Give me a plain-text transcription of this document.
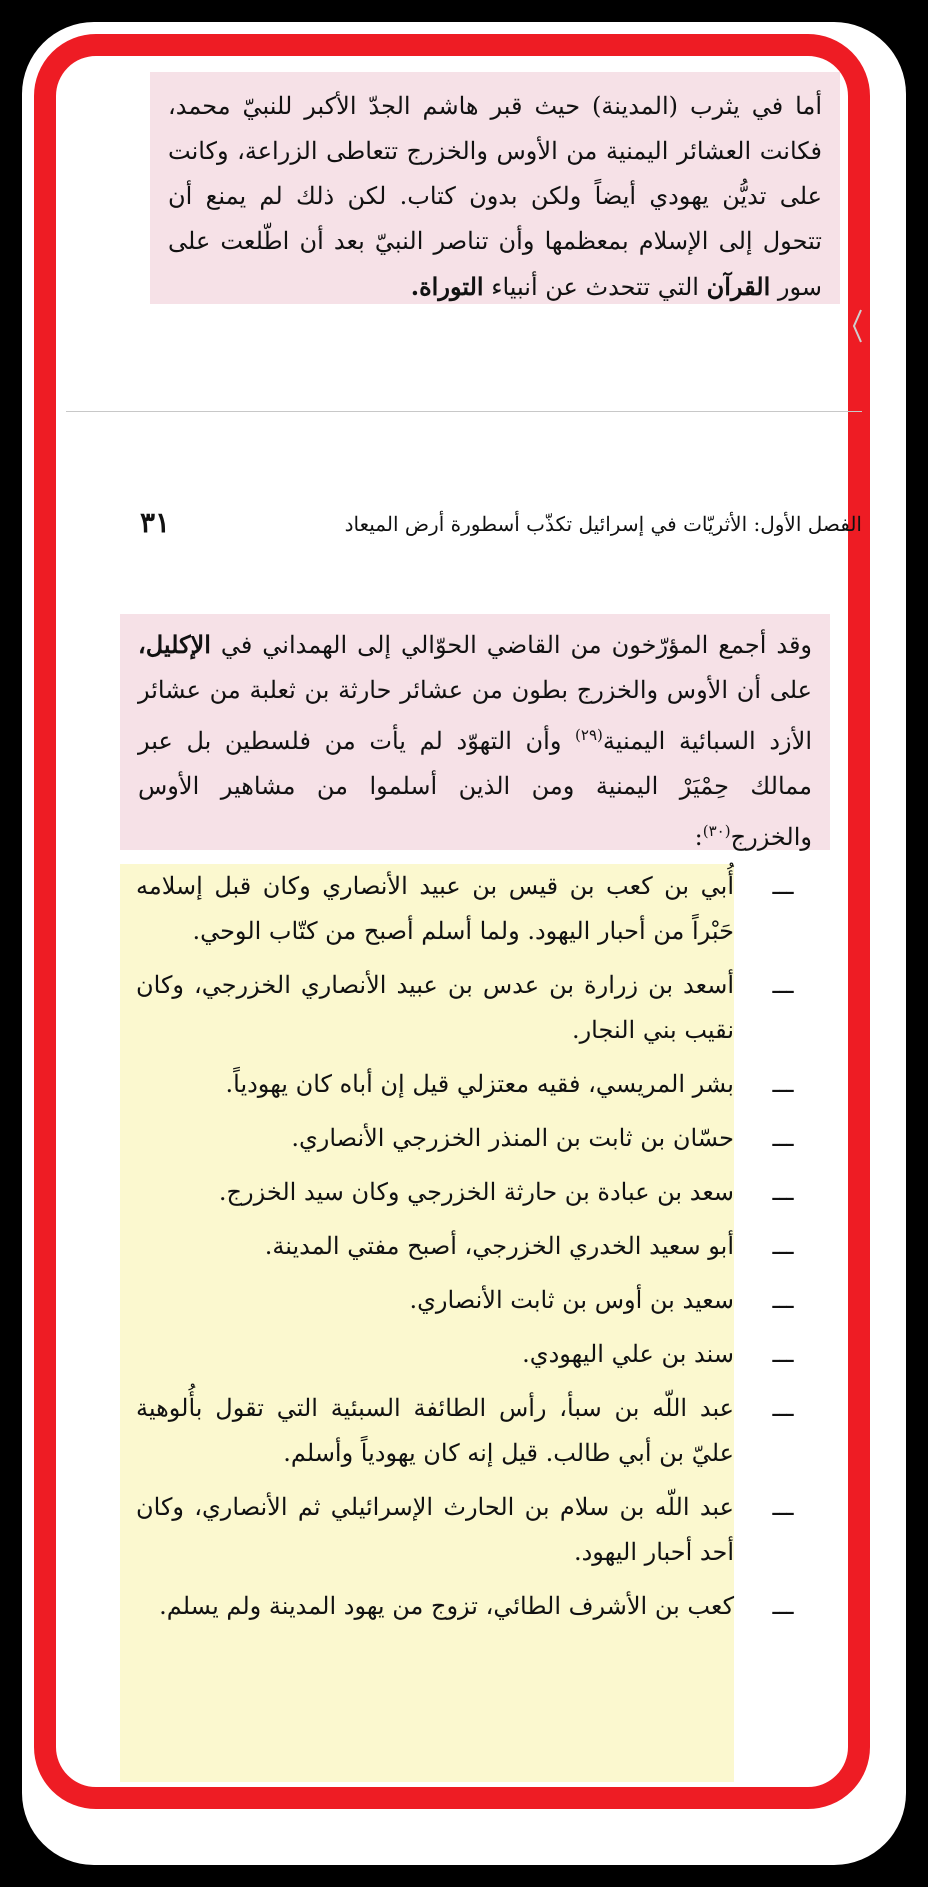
أما في يثرب (المدينة) حيث قبر هاشم الجدّ الأكبر للنبيّ محمد، فكانت العشائر اليمنية من الأوس والخزرج تتعاطى الزراعة، وكانت على تديُّن يهودي أيضاً ولكن بدون كتاب. لكن ذلك لم يمنع أن تتحول إلى الإسلام بمعظمها وأن تناصر النبيّ بعد أن اطّلعت على سور القرآن التي تتحدث عن أنبياء التوراة.
الفصل الأول: الأثريّات في إسرائيل تكذّب أسطورة أرض الميعاد
٣١
وقد أجمع المؤرّخون من القاضي الحوّالي إلى الهمداني في الإكليل، على أن الأوس والخزرج بطون من عشائر حارثة بن ثعلبة من عشائر الأزد السبائية اليمنية$^{(٢٩)}$ وأن التهوّد لم يأت من فلسطين بل عبر ممالك حِمْيَرْ اليمنية ومن الذين أسلموا من مشاهير الأوس والخزرج$^{(٣٠)}$:
ـــ
أُبي بن كعب بن قيس بن عبيد الأنصاري وكان قبل إسلامه حَبْراً من أحبار اليهود. ولما أسلم أصبح من كتّاب الوحي.
ـــ
أسعد بن زرارة بن عدس بن عبيد الأنصاري الخزرجي، وكان نقيب بني النجار.
ـــ
بشر المريسي، فقيه معتزلي قيل إن أباه كان يهودياً.
ـــ
حسّان بن ثابت بن المنذر الخزرجي الأنصاري.
ـــ
سعد بن عبادة بن حارثة الخزرجي وكان سيد الخزرج.
ـــ
أبو سعيد الخدري الخزرجي، أصبح مفتي المدينة.
ـــ
سعيد بن أوس بن ثابت الأنصاري.
ـــ
سند بن علي اليهودي.
ـــ
عبد اللّه بن سبأ، رأس الطائفة السبئية التي تقول بأُلوهية عليّ بن أبي طالب. قيل إنه كان يهودياً وأسلم.
ـــ
عبد اللّه بن سلام بن الحارث الإسرائيلي ثم الأنصاري، وكان أحد أحبار اليهود.
ـــ
كعب بن الأشرف الطائي، تزوج من يهود المدينة ولم يسلم.
